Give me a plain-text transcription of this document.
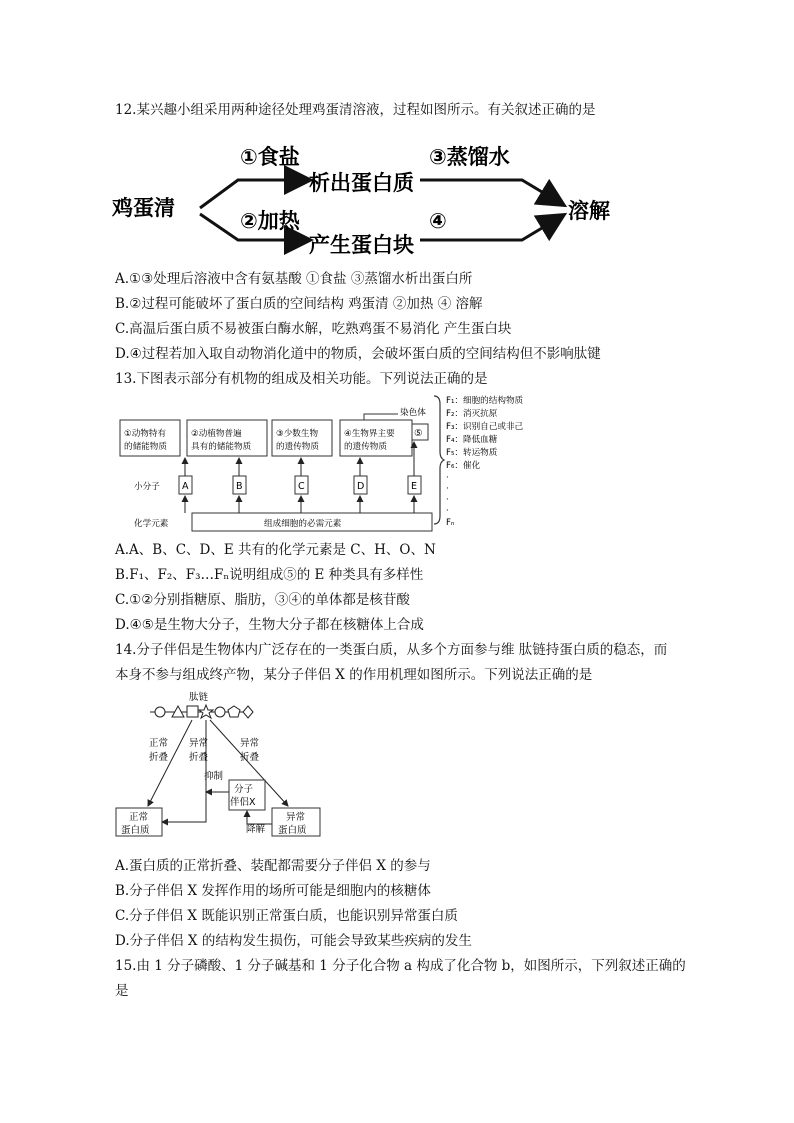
12.某兴趣小组采用两种途径处理鸡蛋清溶液，过程如图所示。有关叙述正确的是
鸡蛋清
①食盐
析出蛋白质
②加热
产生蛋白块
③蒸馏水
④	溶解
A.①③处理后溶液中含有氨基酸 ①食盐 ③蒸馏水析出蛋白所
B.②过程可能破坏了蛋白质的空间结构 鸡蛋清 ②加热 ④ 溶解
C.高温后蛋白质不易被蛋白酶水解，吃熟鸡蛋不易消化 产生蛋白块
D.④过程若加入取自动物消化道中的物质，会破坏蛋白质的空间结构但不影响肽键
13.下图表示部分有机物的组成及相关功能。下列说法正确的是
①动物特有
的储能物质
②动植物普遍
具有的储能物质
③少数生物
的遗传物质
④生物界主要
的遗传物质
⑤
染色体
F₁：细胞的结构物质
F₂：消灭抗原
F₃：识别自己或非己
F₄：降低血糖
F₅：转运物质
F₆：催化
·
·
·
·
Fₙ
小分子 A	B	C	D	E
化学元素	组成细胞的必需元素
A.A、B、C、D、E 共有的化学元素是 C、H、O、N
B.F₁、F₂、F₃…Fₙ说明组成⑤的 E 种类具有多样性
C.①②分别指糖原、脂肪，③④的单体都是核苷酸
D.④⑤是生物大分子，生物大分子都在核糖体上合成
14.分子伴侣是生物体内广泛存在的一类蛋白质，从多个方面参与维 肽链持蛋白质的稳态，而
本身不参与组成终产物，某分子伴侣 X 的作用机理如图所示。下列说法正确的是
肽链
正常
折叠
异常
折叠
异常
折叠
抑制
分子
伴侣X
降解
正常
蛋白质
异常
蛋白质
A.蛋白质的正常折叠、装配都需要分子伴侣 X 的参与
B.分子伴侣 X 发挥作用的场所可能是细胞内的核糖体
C.分子伴侣 X 既能识别正常蛋白质，也能识别异常蛋白质
D.分子伴侣 X 的结构发生损伤，可能会导致某些疾病的发生
15.由 1 分子磷酸、1 分子碱基和 1 分子化合物 a 构成了化合物 b，如图所示，下列叙述正确的
是
